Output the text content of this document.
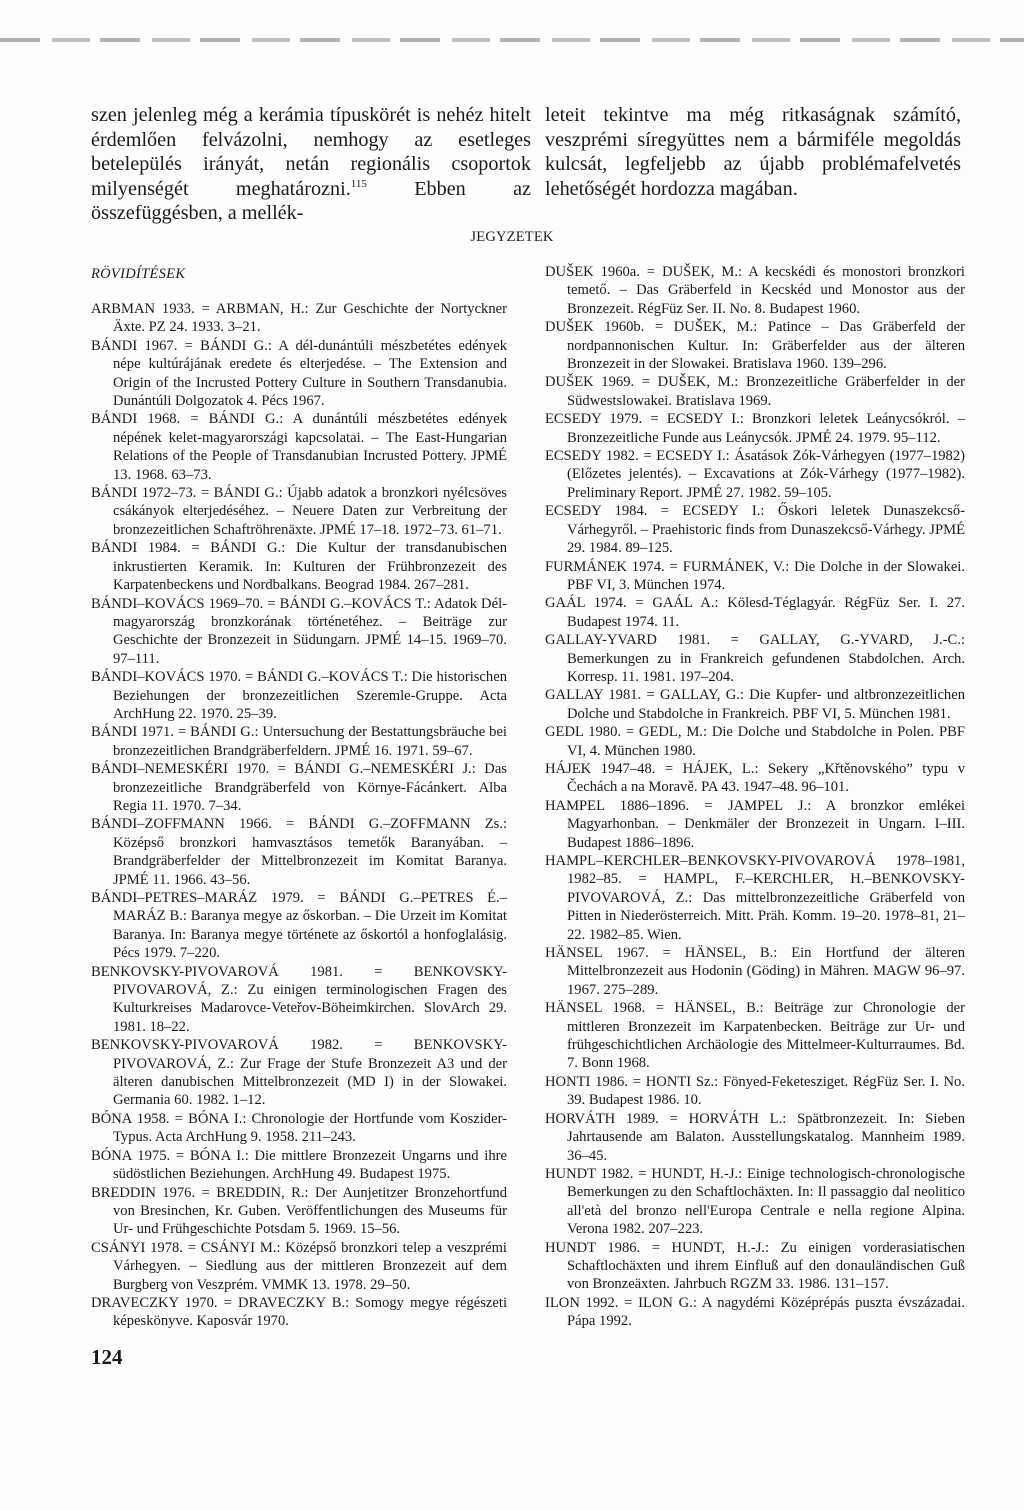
szen jelenleg még a kerámia típuskörét is nehéz hitelt érdemlően felvázolni, nemhogy az esetleges betelepülés irányát, netán regionális csoportok milyenségét meghatározni.$^{115}$ Ebben az összefüggésben, a mellék-

leteit tekintve ma még ritkaságnak számító, veszprémi síregyüttes nem a bármiféle megoldás kulcsát, legfeljebb az újabb problémafelvetés lehetőségét hordozza magában.

JEGYZETEK
RÖVIDÍTÉSEK

ARBMAN 1933. = ARBMAN, H.: Zur Geschichte der Nortyckner Äxte. PZ 24. 1933. 3–21.

BÁNDI 1967. = BÁNDI G.: A dél-dunántúli mészbetétes edények népe kultúrájának eredete és elterjedése. – The Extension and Origin of the Incrusted Pottery Culture in Southern Transdanubia. Dunántúli Dolgozatok 4. Pécs 1967.

BÁNDI 1968. = BÁNDI G.: A dunántúli mészbetétes edények népének kelet-magyarországi kapcsolatai. – The East-Hungarian Relations of the People of Transdanubian Incrusted Pottery. JPMÉ 13. 1968. 63–73.

BÁNDI 1972–73. = BÁNDI G.: Újabb adatok a bronzkori nyélcsöves csákányok elterjedéséhez. – Neuere Daten zur Verbreitung der bronzezeitlichen Schaftröhrenäxte. JPMÉ 17–18. 1972–73. 61–71.

BÁNDI 1984. = BÁNDI G.: Die Kultur der transdanubischen inkrustierten Keramik. In: Kulturen der Frühbronzezeit des Karpatenbeckens und Nordbalkans. Beograd 1984. 267–281.

BÁNDI–KOVÁCS 1969–70. = BÁNDI G.–KOVÁCS T.: Adatok Dél-magyarország bronzkorának történetéhez. – Beiträge zur Geschichte der Bronzezeit in Südungarn. JPMÉ 14–15. 1969–70. 97–111.

BÁNDI–KOVÁCS 1970. = BÁNDI G.–KOVÁCS T.: Die historischen Beziehungen der bronzezeitlichen Szeremle-Gruppe. Acta ArchHung 22. 1970. 25–39.

BÁNDI 1971. = BÁNDI G.: Untersuchung der Bestattungsbräuche bei bronzezeitlichen Brandgräberfeldern. JPMÉ 16. 1971. 59–67.

BÁNDI–NEMESKÉRI 1970. = BÁNDI G.–NEMESKÉRI J.: Das bronzezeitliche Brandgräberfeld von Környe-Fácánkert. Alba Regia 11. 1970. 7–34.

BÁNDI–ZOFFMANN 1966. = BÁNDI G.–ZOFFMANN Zs.: Középső bronzkori hamvasztásos temetők Baranyában. – Brandgräberfelder der Mittelbronzezeit im Komitat Baranya. JPMÉ 11. 1966. 43–56.

BÁNDI–PETRES–MARÁZ 1979. = BÁNDI G.–PETRES É.–MARÁZ B.: Baranya megye az őskorban. – Die Urzeit im Komitat Baranya. In: Baranya megye története az őskortól a honfoglalásig. Pécs 1979. 7–220.

BENKOVSKY-PIVOVAROVÁ 1981. = BENKOVSKY-PIVOVAROVÁ, Z.: Zu einigen terminologischen Fragen des Kulturkreises Madarovce-Veteřov-Böheimkirchen. SlovArch 29. 1981. 18–22.

BENKOVSKY-PIVOVAROVÁ 1982. = BENKOVSKY-PIVOVAROVÁ, Z.: Zur Frage der Stufe Bronzezeit A3 und der älteren danubischen Mittelbronzezeit (MD I) in der Slowakei. Germania 60. 1982. 1–12.

BÓNA 1958. = BÓNA I.: Chronologie der Hortfunde vom Koszider-Typus. Acta ArchHung 9. 1958. 211–243.

BÓNA 1975. = BÓNA I.: Die mittlere Bronzezeit Ungarns und ihre südöstlichen Beziehungen. ArchHung 49. Budapest 1975.

BREDDIN 1976. = BREDDIN, R.: Der Aunjetitzer Bronzehortfund von Bresinchen, Kr. Guben. Veröffentlichungen des Museums für Ur- und Frühgeschichte Potsdam 5. 1969. 15–56.

CSÁNYI 1978. = CSÁNYI M.: Középső bronzkori telep a veszprémi Várhegyen. – Siedlung aus der mittleren Bronzezeit auf dem Burgberg von Veszprém. VMMK 13. 1978. 29–50.

DRAVECZKY 1970. = DRAVECZKY B.: Somogy megye régészeti képeskönyve. Kaposvár 1970.

DUŠEK 1960a. = DUŠEK, M.: A kecskédi és monostori bronzkori temető. – Das Gräberfeld in Kecskéd und Monostor aus der Bronzezeit. RégFüz Ser. II. No. 8. Budapest 1960.

DUŠEK 1960b. = DUŠEK, M.: Patince – Das Gräberfeld der nordpannonischen Kultur. In: Gräberfelder aus der älteren Bronzezeit in der Slowakei. Bratislava 1960. 139–296.

DUŠEK 1969. = DUŠEK, M.: Bronzezeitliche Gräberfelder in der Südwestslowakei. Bratislava 1969.

ECSEDY 1979. = ECSEDY I.: Bronzkori leletek Leánycsókról. – Bronzezeitliche Funde aus Leánycsók. JPMÉ 24. 1979. 95–112.

ECSEDY 1982. = ECSEDY I.: Ásatások Zók-Várhegyen (1977–1982) (Előzetes jelentés). – Excavations at Zók-Várhegy (1977–1982). Preliminary Report. JPMÉ 27. 1982. 59–105.

ECSEDY 1984. = ECSEDY I.: Őskori leletek Dunaszekcső-Várhegyről. – Praehistoric finds from Dunaszekcső-Várhegy. JPMÉ 29. 1984. 89–125.

FURMÁNEK 1974. = FURMÁNEK, V.: Die Dolche in der Slowakei. PBF VI, 3. München 1974.

GAÁL 1974. = GAÁL A.: Kölesd-Téglagyár. RégFüz Ser. I. 27. Budapest 1974. 11.

GALLAY-YVARD 1981. = GALLAY, G.-YVARD, J.-C.: Bemerkungen zu in Frankreich gefundenen Stabdolchen. Arch. Korresp. 11. 1981. 197–204.

GALLAY 1981. = GALLAY, G.: Die Kupfer- und altbronzezeitlichen Dolche und Stabdolche in Frankreich. PBF VI, 5. München 1981.

GEDL 1980. = GEDL, M.: Die Dolche und Stabdolche in Polen. PBF VI, 4. München 1980.

HÁJEK 1947–48. = HÁJEK, L.: Sekery „Křtěnovského” typu v Čechách a na Moravě. PA 43. 1947–48. 96–101.

HAMPEL 1886–1896. = JAMPEL J.: A bronzkor emlékei Magyarhonban. – Denkmäler der Bronzezeit in Ungarn. I–III. Budapest 1886–1896.

HAMPL–KERCHLER–BENKOVSKY-PIVOVAROVÁ 1978–1981, 1982–85. = HAMPL, F.–KERCHLER, H.–BENKOVSKY-PIVOVAROVÁ, Z.: Das mittelbronzezeitliche Gräberfeld von Pitten in Niederösterreich. Mitt. Präh. Komm. 19–20. 1978–81, 21–22. 1982–85. Wien.

HÄNSEL 1967. = HÄNSEL, B.: Ein Hortfund der älteren Mittelbronzezeit aus Hodonin (Göding) in Mähren. MAGW 96–97. 1967. 275–289.

HÄNSEL 1968. = HÄNSEL, B.: Beiträge zur Chronologie der mittleren Bronzezeit im Karpatenbecken. Beiträge zur Ur- und frühgeschichtlichen Archäologie des Mittelmeer-Kulturraumes. Bd. 7. Bonn 1968.

HONTI 1986. = HONTI Sz.: Fönyed-Feketesziget. RégFüz Ser. I. No. 39. Budapest 1986. 10.

HORVÁTH 1989. = HORVÁTH L.: Spätbronzezeit. In: Sieben Jahrtausende am Balaton. Ausstellungskatalog. Mannheim 1989. 36–45.

HUNDT 1982. = HUNDT, H.-J.: Einige technologisch-chronologische Bemerkungen zu den Schaftlochäxten. In: Il passaggio dal neolitico all'età del bronzo nell'Europa Centrale e nella regione Alpina. Verona 1982. 207–223.

HUNDT 1986. = HUNDT, H.-J.: Zu einigen vorderasiatischen Schaftlochäxten und ihrem Einfluß auf den donauländischen Guß von Bronzeäxten. Jahrbuch RGZM 33. 1986. 131–157.

ILON 1992. = ILON G.: A nagydémi Középrépás puszta évszázadai. Pápa 1992.

124
